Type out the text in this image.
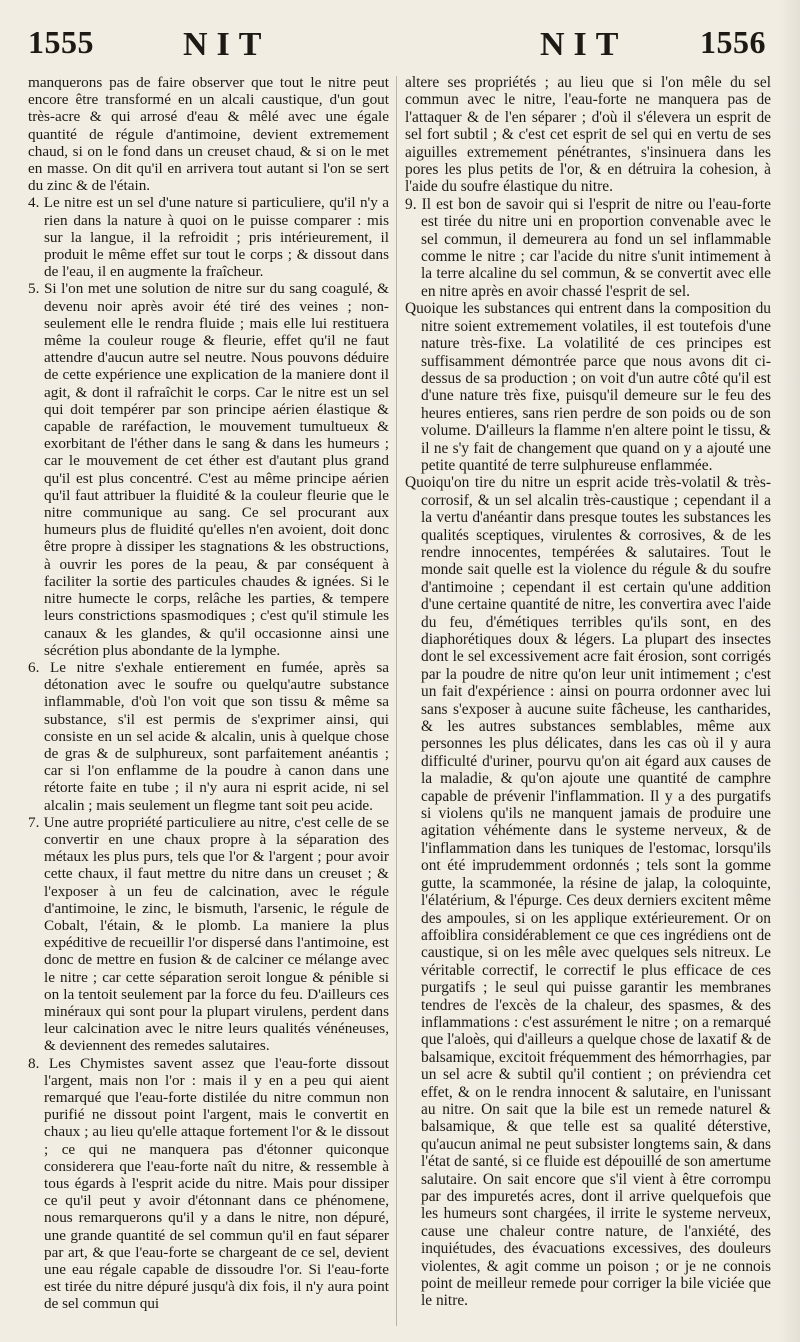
1555	NIT	NIT 1556

manquerons pas de faire observer que tout le nitre peut encore être transformé en un alcali caustique, d'un gout très-acre & qui arrosé d'eau & mêlé avec une égale quantité de régule d'antimoine, devient extremement chaud, si on le fond dans un creuset chaud, & si on le met en masse. On dit qu'il en arrivera tout autant si l'on se sert du zinc & de l'étain.

4. Le nitre est un sel d'une nature si particuliere, qu'il n'y a rien dans la nature à quoi on le puisse comparer : mis sur la langue, il la refroidit ; pris intérieurement, il produit le même effet sur tout le corps ; & dissout dans de l'eau, il en augmente la fraîcheur.

5. Si l'on met une solution de nitre sur du sang coagulé, & devenu noir après avoir été tiré des veines ; non-seulement elle le rendra fluide ; mais elle lui restituera même la couleur rouge & fleurie, effet qu'il ne faut attendre d'aucun autre sel neutre. Nous pouvons déduire de cette expérience une explication de la maniere dont il agit, & dont il rafraîchit le corps. Car le nitre est un sel qui doit tempérer par son principe aérien élastique & capable de raréfaction, le mouvement tumultueux & exorbitant de l'éther dans le sang & dans les humeurs ; car le mouvement de cet éther est d'autant plus grand qu'il est plus concentré. C'est au même principe aérien qu'il faut attribuer la fluidité & la couleur fleurie que le nitre communique au sang. Ce sel procurant aux humeurs plus de fluidité qu'elles n'en avoient, doit donc être propre à dissiper les stagnations & les obstructions, à ouvrir les pores de la peau, & par conséquent à faciliter la sortie des particules chaudes & ignées. Si le nitre humecte le corps, relâche les parties, & tempere leurs constrictions spasmodiques ; c'est qu'il stimule les canaux & les glandes, & qu'il occasionne ainsi une sécrétion plus abondante de la lymphe.

6. Le nitre s'exhale entierement en fumée, après sa détonation avec le soufre ou quelqu'autre substance inflammable, d'où l'on voit que son tissu & même sa substance, s'il est permis de s'exprimer ainsi, qui consiste en un sel acide & alcalin, unis à quelque chose de gras & de sulphureux, sont parfaitement anéantis ; car si l'on enflamme de la poudre à canon dans une rétorte faite en tube ; il n'y aura ni esprit acide, ni sel alcalin ; mais seulement un flegme tant soit peu acide.

7. Une autre propriété particuliere au nitre, c'est celle de se convertir en une chaux propre à la séparation des métaux les plus purs, tels que l'or & l'argent ; pour avoir cette chaux, il faut mettre du nitre dans un creuset ; & l'exposer à un feu de calcination, avec le régule d'antimoine, le zinc, le bismuth, l'arsenic, le régule de Cobalt, l'étain, & le plomb. La maniere la plus expéditive de recueillir l'or dispersé dans l'antimoine, est donc de mettre en fusion & de calciner ce mélange avec le nitre ; car cette séparation seroit longue & pénible si on la tentoit seulement par la force du feu. D'ailleurs ces minéraux qui sont pour la plupart virulens, perdent dans leur calcination avec le nitre leurs qualités vénéneuses, & deviennent des remedes salutaires.

8. Les Chymistes savent assez que l'eau-forte dissout l'argent, mais non l'or : mais il y en a peu qui aient remarqué que l'eau-forte distilée du nitre commun non purifié ne dissout point l'argent, mais le convertit en chaux ; au lieu qu'elle attaque fortement l'or & le dissout ; ce qui ne manquera pas d'étonner quiconque considerera que l'eau-forte naît du nitre, & ressemble à tous égards à l'esprit acide du nitre. Mais pour dissiper ce qu'il peut y avoir d'étonnant dans ce phénomene, nous remarquerons qu'il y a dans le nitre, non dépuré, une grande quantité de sel commun qu'il en faut séparer par art, & que l'eau-forte se chargeant de ce sel, devient une eau régale capable de dissoudre l'or. Si l'eau-forte est tirée du nitre dépuré jusqu'à dix fois, il n'y aura point de sel commun qui

altere ses propriétés ; au lieu que si l'on mêle du sel commun avec le nitre, l'eau-forte ne manquera pas de l'attaquer & de l'en séparer ; d'où il s'élevera un esprit de sel fort subtil ; & c'est cet esprit de sel qui en vertu de ses aiguilles extremement pénétrantes, s'insinuera dans les pores les plus petits de l'or, & en détruira la cohesion, à l'aide du soufre élastique du nitre.

9. Il est bon de savoir qui si l'esprit de nitre ou l'eau-forte est tirée du nitre uni en proportion convenable avec le sel commun, il demeurera au fond un sel inflammable comme le nitre ; car l'acide du nitre s'unit intimement à la terre alcaline du sel commun, & se convertit avec elle en nitre après en avoir chassé l'esprit de sel.

Quoique les substances qui entrent dans la composition du nitre soient extremement volatiles, il est toutefois d'une nature très-fixe. La volatilité de ces principes est suffisamment démontrée parce que nous avons dit ci-dessus de sa production ; on voit d'un autre côté qu'il est d'une nature très fixe, puisqu'il demeure sur le feu des heures entieres, sans rien perdre de son poids ou de son volume. D'ailleurs la flamme n'en altere point le tissu, & il ne s'y fait de changement que quand on y a ajouté une petite quantité de terre sulphureuse enflammée.

Quoiqu'on tire du nitre un esprit acide très-volatil & très-corrosif, & un sel alcalin très-caustique ; cependant il a la vertu d'anéantir dans presque toutes les substances les qualités sceptiques, virulentes & corrosives, & de les rendre innocentes, tempérées & salutaires. Tout le monde sait quelle est la violence du régule & du soufre d'antimoine ; cependant il est certain qu'une addition d'une certaine quantité de nitre, les convertira avec l'aide du feu, d'émétiques terribles qu'ils sont, en des diaphorétiques doux & légers. La plupart des insectes dont le sel excessivement acre fait érosion, sont corrigés par la poudre de nitre qu'on leur unit intimement ; c'est un fait d'expérience : ainsi on pourra ordonner avec lui sans s'exposer à aucune suite fâcheuse, les cantharides, & les autres substances semblables, même aux personnes les plus délicates, dans les cas où il y aura difficulté d'uriner, pourvu qu'on ait égard aux causes de la maladie, & qu'on ajoute une quantité de camphre capable de prévenir l'inflammation. Il y a des purgatifs si violens qu'ils ne manquent jamais de produire une agitation véhémente dans le systeme nerveux, & de l'inflammation dans les tuniques de l'estomac, lorsqu'ils ont été imprudemment ordonnés ; tels sont la gomme gutte, la scammonée, la résine de jalap, la coloquinte, l'élatérium, & l'épurge. Ces deux derniers excitent même des ampoules, si on les applique extérieurement. Or on affoiblira considérablement ce que ces ingrédiens ont de caustique, si on les mêle avec quelques sels nitreux. Le véritable correctif, le correctif le plus efficace de ces purgatifs ; le seul qui puisse garantir les membranes tendres de l'excès de la chaleur, des spasmes, & des inflammations : c'est assurément le nitre ; on a remarqué que l'aloès, qui d'ailleurs a quelque chose de laxatif & de balsamique, excitoit fréquemment des hémorrhagies, par un sel acre & subtil qu'il contient ; on préviendra cet effet, & on le rendra innocent & salutaire, en l'unissant au nitre. On sait que la bile est un remede naturel & balsamique, & que telle est sa qualité déterstive, qu'aucun animal ne peut subsister longtems sain, & dans l'état de santé, si ce fluide est dépouillé de son amertume salutaire. On sait encore que s'il vient à être corrompu par des impuretés acres, dont il arrive quelquefois que les humeurs sont chargées, il irrite le systeme nerveux, cause une chaleur contre nature, de l'anxiété, des inquiétudes, des évacuations excessives, des douleurs violentes, & agit comme un poison ; or je ne connois point de meilleur remede pour corriger la bile viciée que le nitre.
